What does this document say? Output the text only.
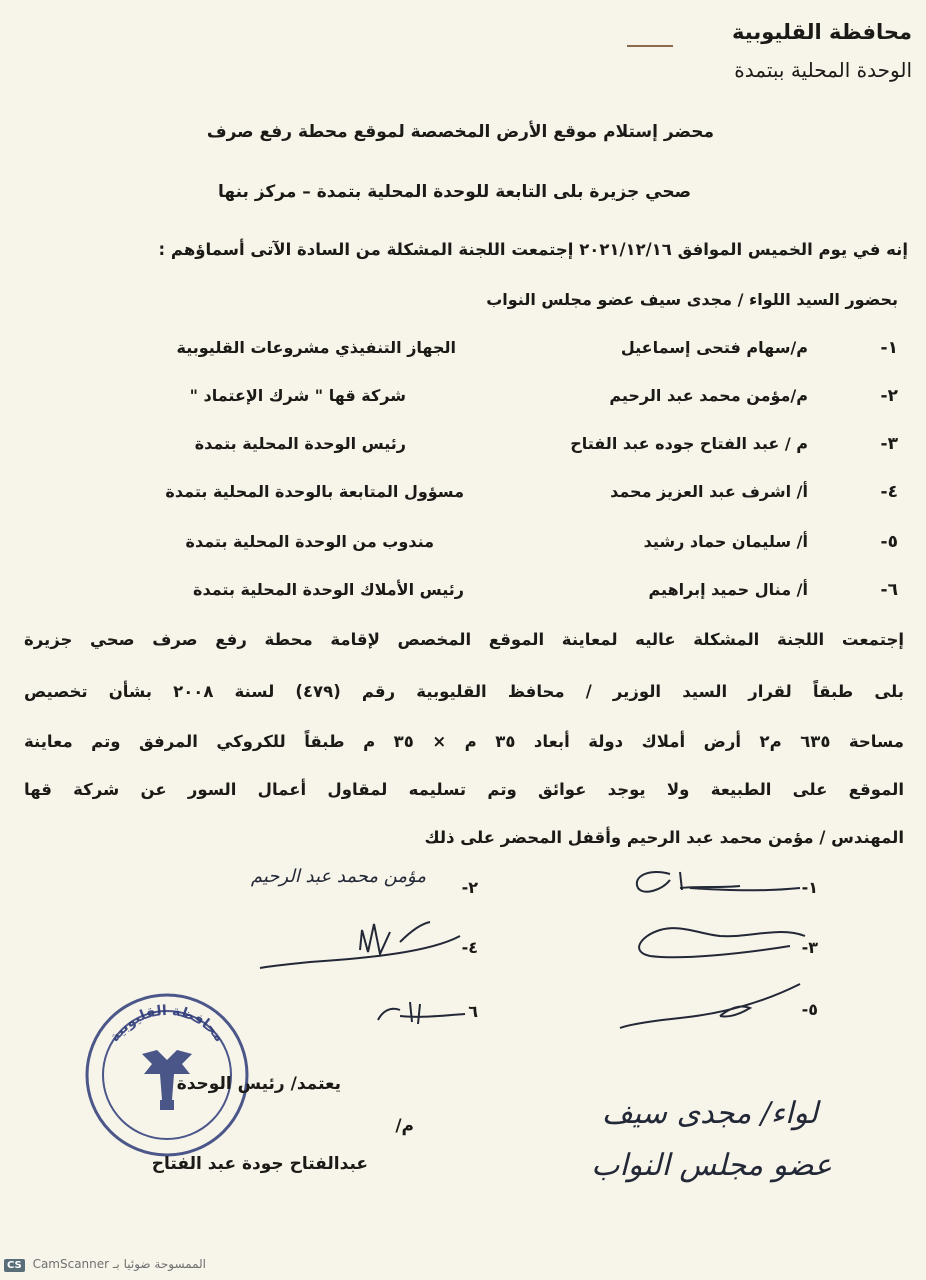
محافظة القليوبية
الوحدة المحلية ببتمدة
محضر إستلام موقع الأرض المخصصة لموقع محطة رفع صرف
صحي جزيرة بلى التابعة للوحدة المحلية بتمدة – مركز بنها
إنه في يوم الخميس الموافق ٢٠٢١/١٢/١٦ إجتمعت اللجنة المشكلة من السادة الآتى أسماؤهم :
بحضور السيد اللواء / مجدى سيف عضو مجلس النواب
١-
م/سهام فتحى إسماعيل
الجهاز التنفيذي مشروعات القليوبية
٢-
م/مؤمن محمد عبد الرحيم
شركة قها " شرك الإعتماد "
٣-
م / عبد الفتاح جوده عبد الفتاح
رئيس الوحدة المحلية بتمدة
٤-
أ/ اشرف عبد العزيز محمد
مسؤول المتابعة بالوحدة المحلية بتمدة
٥-
أ/ سليمان حماد رشيد
مندوب من الوحدة المحلية بتمدة
٦-
أ/ منال حميد إبراهيم
رئيس الأملاك الوحدة المحلية بتمدة
إجتمعت اللجنة المشكلة عاليه لمعاينة الموقع المخصص لإقامة محطة رفع صرف صحي جزيرة
بلى طبقاً لقرار السيد الوزير / محافظ القليوبية رقم (٤٧٩) لسنة ٢٠٠٨ بشأن تخصيص
مساحة ٦٣٥ م٢ أرض أملاك دولة أبعاد ٣٥ م × ٣٥ م طبقاً للكروكي المرفق وتم معاينة
الموقع على الطبيعة ولا يوجد عوائق وتم تسليمه لمقاول أعمال السور عن شركة قها
المهندس / مؤمن محمد عبد الرحيم وأقفل المحضر على ذلك
١-
٢-
مؤمن محمد عبد الرحيم
٣-
٤-
٥-
٦
محافظة القليوبية
يعتمد/ رئيس الوحدة
م/
عبدالفتاح جودة عبد الفتاح
لواء/ مجدى سيف
عضو مجلس النواب
CS CamScanner الممسوحة ضوئيا بـ
